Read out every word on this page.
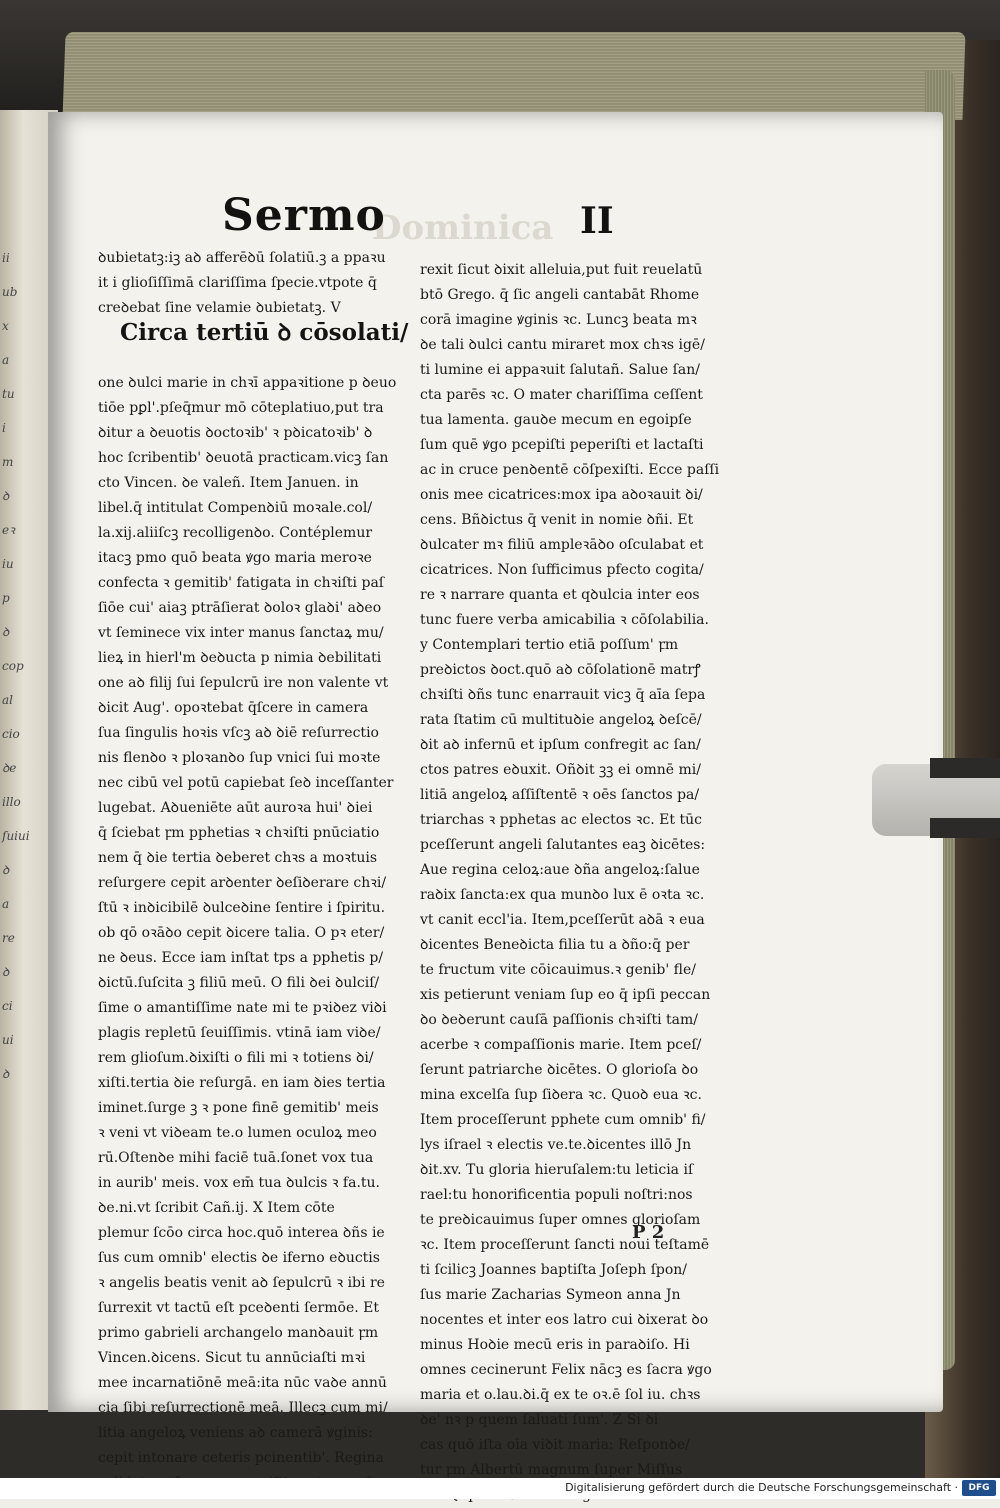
ii
ub
x
a
tu
i
m
ꝺ
eꝛ
iu
p
ꝺ
cop
al
cio
ꝺe
illo
ſuiui
ꝺ
a
re
ꝺ
ci
ui
ꝺ
Dominica
Sermo	II
ꝺubietatꝫ:iꝫ aꝺ afferēꝺū ſolatiū.ꝫ a ppaꝛu
it i glioſiſſimā clariſſima ſpecie.vtpote q̄
creꝺebat ſine velamie ꝺubietatꝫ. V
one ꝺulci marie in chꝛī appaꝛitione p ꝺeuo
tiōe pꝑl'.pſeq̄mur mō cōteplatiuo,put tra
ꝺitur a ꝺeuotis ꝺoctoꝛib' ꝛ pꝺicatoꝛib' ꝺ
hoc ſcribentib' ꝺeuotā practicam.vicꝫ ſan
cto Vincen. ꝺe valeñ. Item Januen. in
libel.q̄ intitulat Compenꝺiū moꝛale.col/
la.xij.aliiſcꝫ recolligenꝺo. Contéplemur
itacꝫ pmo quō beata ꝟgo maria meroꝛe
confecta ꝛ gemitib' fatigata in chꝛiſti paſ
ſiōe cui' aiaꝫ ptrāſierat ꝺoloꝛ glaꝺi' aꝺeo
vt ſeminece vix inter manus ſanctaꝝ mu/
lieꝝ in hierl'm ꝺeꝺucta p nimia ꝺebilitati
one aꝺ filij ſui ſepulcrū ire non valente vt
ꝺicit Aug'. opoꝛtebat q̄ſcere in camera
ſua ſingulis hoꝛis vſcꝫ aꝺ ꝺiē reſurrectio
nis flenꝺo ꝛ ploꝛanꝺo ſup vnici ſui moꝛte
nec cibū vel potū capiebat ſeꝺ inceſſanter
lugebat. Aꝺueniēte aūt auroꝛa hui' ꝺiei
q̄ ſciebat ꝼm pphetias ꝛ chꝛiſti pnūciatio
nem q̄ ꝺie tertia ꝺeberet chꝛs a moꝛtuis
reſurgere cepit arꝺenter ꝺeſiꝺerare chꝛi/
ſtū ꝛ inꝺicibilē ꝺulceꝺine ſentire i ſpiritu.
ob qō oꝛāꝺo cepit ꝺicere talia. O pꝛ eter/
ne ꝺeus. Ecce iam inſtat tps a pphetis p/
ꝺictū.ſuſcita ꝫ filiū meū. O fili ꝺei ꝺulciſ/
ſime o amantiſſime nate mi te pꝛiꝺez viꝺi
plagis repletū ſeuiſſimis. vtinā iam viꝺe/
rem glioſum.ꝺixiſti o fili mi ꝛ totiens ꝺi/
xiſti.tertia ꝺie reſurgā. en iam ꝺies tertia
iminet.ſurge ꝫ ꝛ pone finē gemitib' meis
ꝛ veni vt viꝺeam te.o lumen oculoꝝ meo
rū.Oſtenꝺe mihi faciē tuā.ſonet vox tua
in aurib' meis. vox em̄ tua ꝺulcis ꝛ fa.tu.
ꝺe.ni.vt ſcribit Cañ.ij. X Item cōte
plemur ſcōo circa hoc.quō interea ꝺñs ie
ſus cum omnib' electis ꝺe iferno eꝺuctis
ꝛ angelis beatis venit aꝺ ſepulcrū ꝛ ibi re
ſurrexit vt tactū eſt pceꝺenti ſermōe. Et
primo gabrieli archangelo manꝺauit ꝼm
Vincen.ꝺicens. Sicut tu annūciaſti mꝛi
mee incarnatiōnē meā:ita nūc vaꝺe annū
cia ſibi reſurrectionē meā. Illecꝫ cum mi/
litia angeloꝝ veniens aꝺ camerā ꝟginis:
cepit intonare ceteris pcinentib'. Regina
Circa tertiū ꝺ cōsolati/
rexit ſicut ꝺixit alleluia,put fuit reuelatū
btō Grego. q̄ ſic angeli cantabāt Rhome
corā imagine ꝟginis ꝛc. Luncꝫ beata mꝛ
ꝺe tali ꝺulci cantu miraret mox chꝛs igē/
ti lumine ei appaꝛuit ſalutañ. Salue ſan/
cta parēs ꝛc. O mater chariſſima ceſſent
tua lamenta. gauꝺe mecum en egoipſe
ſum quē ꝟgo pcepiſti peperiſti et lactaſti
ac in cruce penꝺentē cōſpexiſti. Ecce paſſi
onis mee cicatrices:mox ipa aꝺoꝛauit ꝺi/
cens. Bñꝺictus q̄ venit in nomie ꝺñi. Et
ꝺulcater mꝛ filiū ampleꝛāꝺo oſculabat et
cicatrices. Non ſufficimus pfecto cogita/
re ꝛ narrare quanta et qꝺulcia inter eos
tunc fuere verba amicabilia ꝛ cōſolabilia.
y Contemplari tertio etiā poſſum' ꝼm
preꝺictos ꝺoct.quō aꝺ cōſolationē matrꝭ
chꝛiſti ꝺñs tunc enarrauit vicꝫ q̄ aīa ſepa
rata ſtatim cū multituꝺie angeloꝝ ꝺeſcē/
ꝺit aꝺ infernū et ipſum confregit ac ſan/
ctos patres eꝺuxit. Oñꝺit ꝫꝫ ei omnē mi/
litiā angeloꝝ aſſiſtentē ꝛ oēs ſanctos pa/
triarchas ꝛ pphetas ac electos ꝛc. Et tūc
pceſſerunt angeli ſalutantes eaꝫ ꝺicētes:
Aue regina celoꝝ:aue ꝺña angeloꝝ:ſalue
raꝺix ſancta:ex qua munꝺo lux ē oꝛta ꝛc.
vt canit eccl'ia. Item,pceſſerūt aꝺā ꝛ eua
ꝺicentes Beneꝺicta filia tu a ꝺño:q̄ per
te fructum vite cōicauimus.ꝛ genib' fle/
xis petierunt veniam ſup eo q̄ ipſi peccan
ꝺo ꝺeꝺerunt cauſā paſſionis chꝛiſti tam/
acerbe ꝛ compaſſionis marie. Item pceſ/
ſerunt patriarche ꝺicētes. O glorioſa ꝺo
mina excelſa ſup ſiꝺera ꝛc. Quoꝺ eua ꝛc.
Item proceſſerunt pphete cum omnib' fi/
lys iſrael ꝛ electis ve.te.ꝺicentes illō Jn
ꝺit.xv. Tu gloria hieruſalem:tu leticia iſ
rael:tu honorificentia populi noſtri:nos
te preꝺicauimus ſuper omnes glorioſam
ꝛc. Item proceſſerunt ſancti noui teſtamē
ti ſcilicꝫ Joannes baptiſta Joſeph ſpon/
ſus marie Zacharias Symeon anna Jn
nocentes et inter eos latro cui ꝺixerat ꝺo
minus Hoꝺie mecū eris in paraꝺiſo. Hi
omnes cecinerunt Felix nācꝫ es ſacra ꝟgo
maria et o.lau.ꝺi.q̄ ex te oꝛ.ē ſol iu. chꝛs
ꝺe' nꝛ p quem ſaluati ſum'. Z Si ꝺi
cas quō iſta oīa viꝺit maria: Reſponꝺe/
tur ꝼm Albertū magnum ſuper Miſſus
P 2
Digitalisierung gefördert durch die Deutsche Forschungsgemeinschaft ·	DFG
